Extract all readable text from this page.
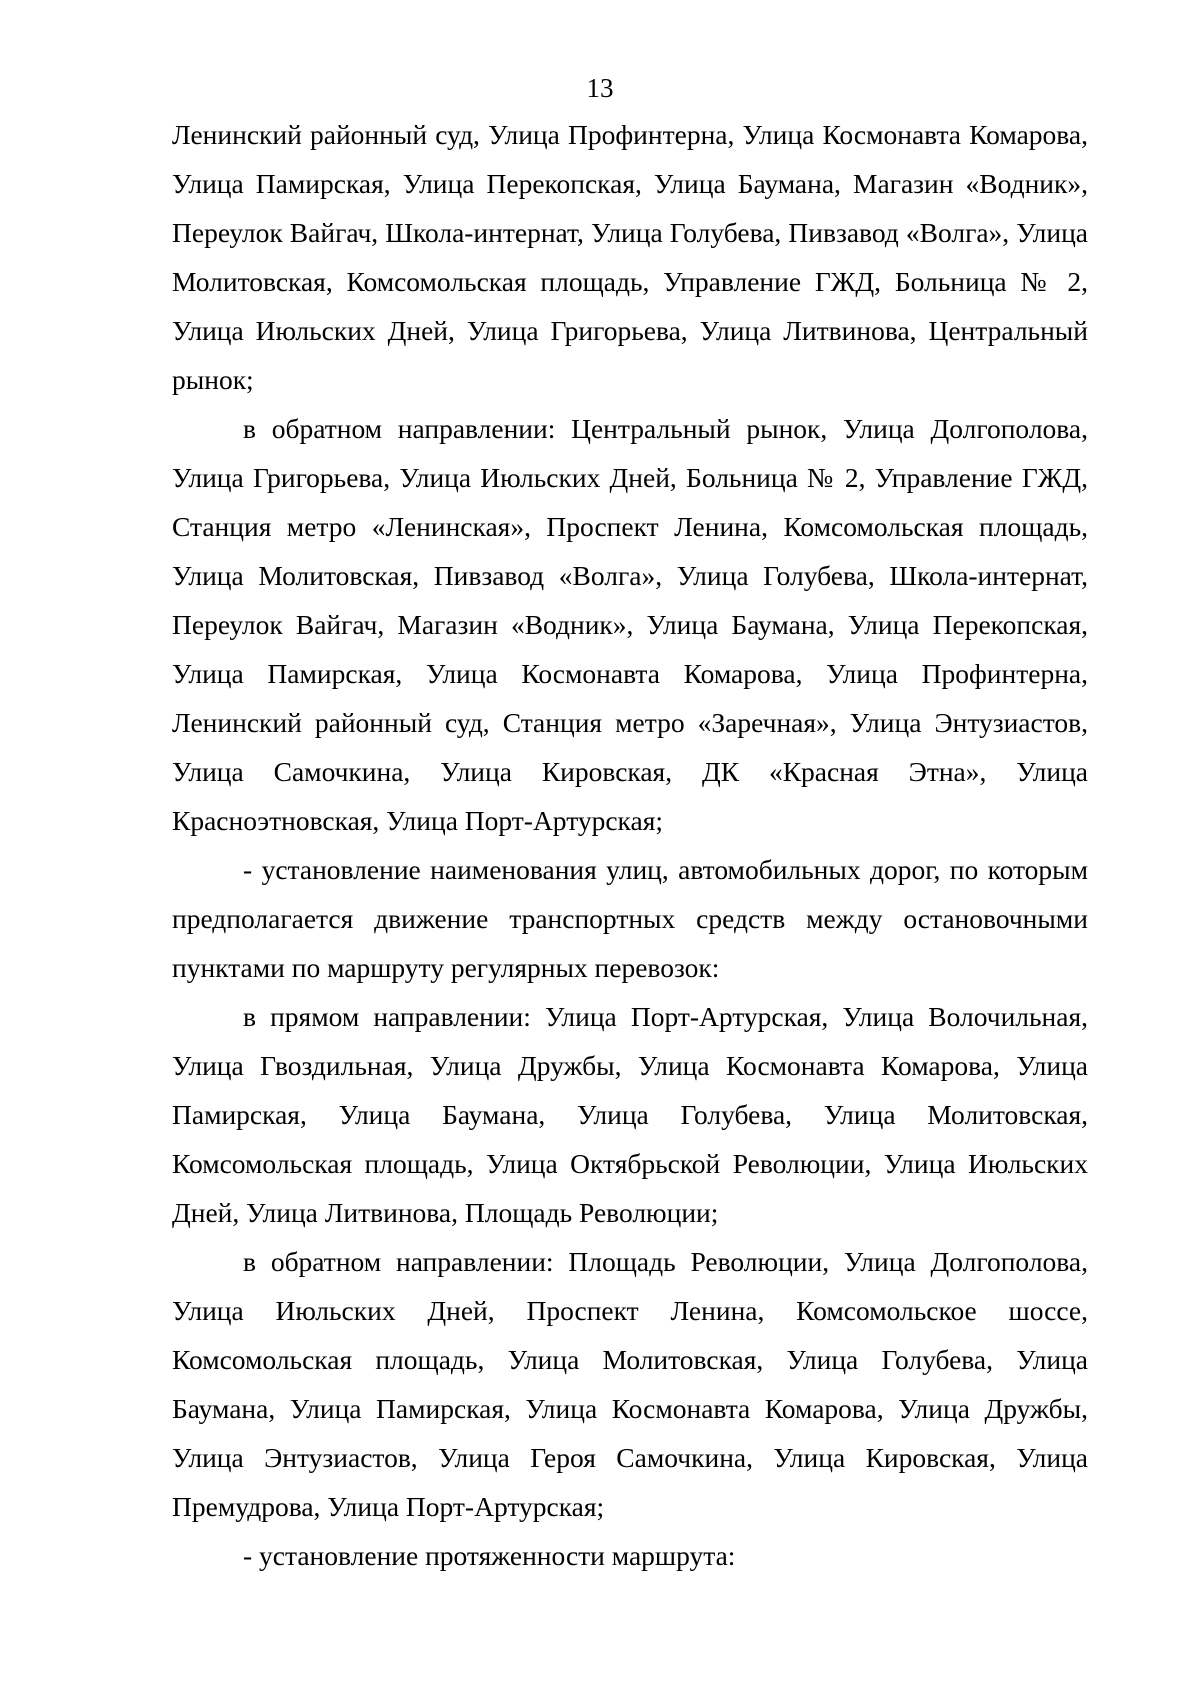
13

Ленинский районный суд, Улица Профинтерна, Улица Космонавта Комарова, Улица Памирская, Улица Перекопская, Улица Баумана, Магазин «Водник», Переулок Вайгач, Школа-интернат, Улица Голубева, Пивзавод «Волга», Улица Молитовская, Комсомольская площадь, Управление ГЖД, Больница № 2, Улица Июльских Дней, Улица Григорьева, Улица Литвинова, Центральный рынок;

в обратном направлении: Центральный рынок, Улица Долгополова, Улица Григорьева, Улица Июльских Дней, Больница № 2, Управление ГЖД, Станция метро «Ленинская», Проспект Ленина, Комсомольская площадь, Улица Молитовская, Пивзавод «Волга», Улица Голубева, Школа-интернат, Переулок Вайгач, Магазин «Водник», Улица Баумана, Улица Перекопская, Улица Памирская, Улица Космонавта Комарова, Улица Профинтерна, Ленинский районный суд, Станция метро «Заречная», Улица Энтузиастов, Улица Самочкина, Улица Кировская, ДК «Красная Этна», Улица Красноэтновская, Улица Порт-Артурская;

- установление наименования улиц, автомобильных дорог, по которым предполагается движение транспортных средств между остановочными пунктами по маршруту регулярных перевозок:

в прямом направлении: Улица Порт-Артурская, Улица Волочильная, Улица Гвоздильная, Улица Дружбы, Улица Космонавта Комарова, Улица Памирская, Улица Баумана, Улица Голубева, Улица Молитовская, Комсомольская площадь, Улица Октябрьской Революции, Улица Июльских Дней, Улица Литвинова, Площадь Революции;

в обратном направлении: Площадь Революции, Улица Долгополова, Улица Июльских Дней, Проспект Ленина, Комсомольское шоссе, Комсомольская площадь, Улица Молитовская, Улица Голубева, Улица Баумана, Улица Памирская, Улица Космонавта Комарова, Улица Дружбы, Улица Энтузиастов, Улица Героя Самочкина, Улица Кировская, Улица Премудрова, Улица Порт-Артурская;

- установление протяженности маршрута:
